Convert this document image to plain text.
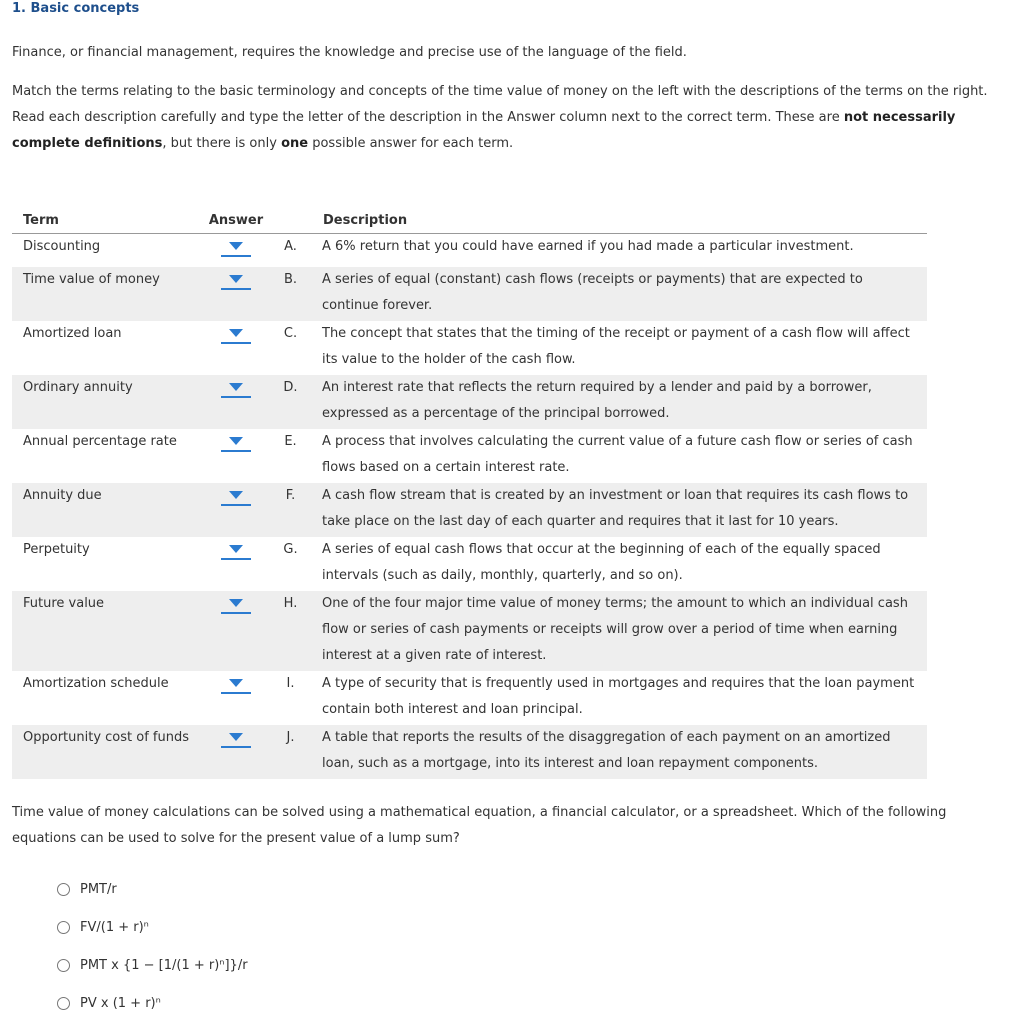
1. Basic concepts

Finance, or financial management, requires the knowledge and precise use of the language of the field.

Match the terms relating to the basic terminology and concepts of the time value of money on the left with the descriptions of the terms on the right. Read each description carefully and type the letter of the description in the Answer column next to the correct term. These are not necessarily complete definitions, but there is only one possible answer for each term.

Term	Answer		Description
Discounting		A.	A 6% return that you could have earned if you had made a particular investment.
Time value of money		B.	A series of equal (constant) cash flows (receipts or payments) that are expected to continue forever.
Amortized loan		C.	The concept that states that the timing of the receipt or payment of a cash flow will affect its value to the holder of the cash flow.
Ordinary annuity		D.	An interest rate that reflects the return required by a lender and paid by a borrower, expressed as a percentage of the principal borrowed.
Annual percentage rate		E.	A process that involves calculating the current value of a future cash flow or series of cash flows based on a certain interest rate.
Annuity due		F.	A cash flow stream that is created by an investment or loan that requires its cash flows to take place on the last day of each quarter and requires that it last for 10 years.
Perpetuity		G.	A series of equal cash flows that occur at the beginning of each of the equally spaced intervals (such as daily, monthly, quarterly, and so on).
Future value		H.	One of the four major time value of money terms; the amount to which an individual cash flow or series of cash payments or receipts will grow over a period of time when earning interest at a given rate of interest.
Amortization schedule		I.	A type of security that is frequently used in mortgages and requires that the loan payment contain both interest and loan principal.
Opportunity cost of funds		J.	A table that reports the results of the disaggregation of each payment on an amortized loan, such as a mortgage, into its interest and loan repayment components.

Time value of money calculations can be solved using a mathematical equation, a financial calculator, or a spreadsheet. Which of the following equations can be used to solve for the present value of a lump sum?

PMT/r
FV/(1 + r)ⁿ
PMT x {1 − [1/(1 + r)ⁿ]}/r
PV x (1 + r)ⁿ
